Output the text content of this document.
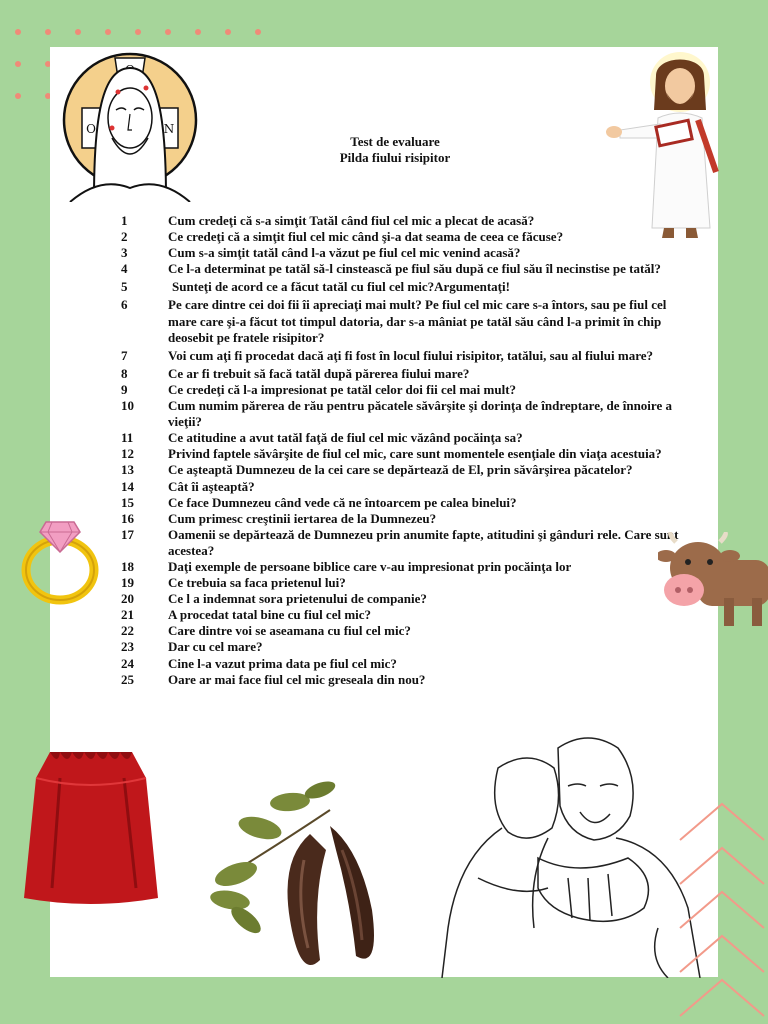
Ο	Ν
Test de evaluare
Pilda fiului risipitor
1	Cum credeţi că s-a simţit Tatăl când fiul cel mic a plecat de acasă?
2	Ce credeţi că a simţit fiul cel mic când şi-a dat seama de ceea ce făcuse?
3	Cum s-a simţit tatăl când l-a văzut pe fiul cel mic venind acasă?
4	Ce l-a determinat pe tatăl să-l cinstească pe fiul său după ce fiul său îl necinstise pe tatăl?
5	Sunteţi de acord ce a făcut tatăl cu fiul cel mic?Argumentaţi!
6	Pe care dintre cei doi fii îi apreciaţi mai mult? Pe fiul cel mic care s-a întors, sau pe fiul cel mare care şi-a făcut tot timpul datoria, dar s-a mâniat pe tatăl său când l-a primit în chip deosebit pe fratele risipitor?
7	Voi cum aţi fi procedat dacă aţi fi fost în locul fiului risipitor, tatălui, sau al fiului mare?
8	Ce ar fi trebuit să facă tatăl după părerea fiului mare?
9	Ce credeţi că l-a impresionat pe tatăl celor doi fii cel mai mult?
10	Cum numim părerea de rău pentru păcatele săvârşite şi dorinţa de îndreptare, de înnoire a vieţii?
11	Ce atitudine a avut tatăl faţă de fiul cel mic văzând pocăinţa sa?
12	Privind faptele săvârşite de fiul cel mic, care sunt momentele esenţiale din viaţa acestuia?
13	Ce aşteaptă Dumnezeu de la cei care se depărtează de El, prin săvârşirea păcatelor?
14	Cât îi aşteaptă?
15	Ce face Dumnezeu când vede că ne întoarcem pe calea binelui?
16	Cum primesc creştinii iertarea de la Dumnezeu?
17	Oamenii se depărtează de Dumnezeu prin anumite fapte, atitudini şi gânduri rele. Care sunt acestea?
18	Daţi exemple de persoane biblice care v-au impresionat prin pocăinţa lor
19	Ce trebuia sa faca prietenul lui?
20	Ce l a indemnat sora prietenului de companie?
21	A procedat tatal bine cu fiul cel mic?
22	Care dintre voi se aseamana cu fiul cel mic?
23	Dar cu cel mare?
24	Cine l-a vazut prima data pe fiul cel mic?
25	Oare ar mai face fiul cel mic greseala din nou?
